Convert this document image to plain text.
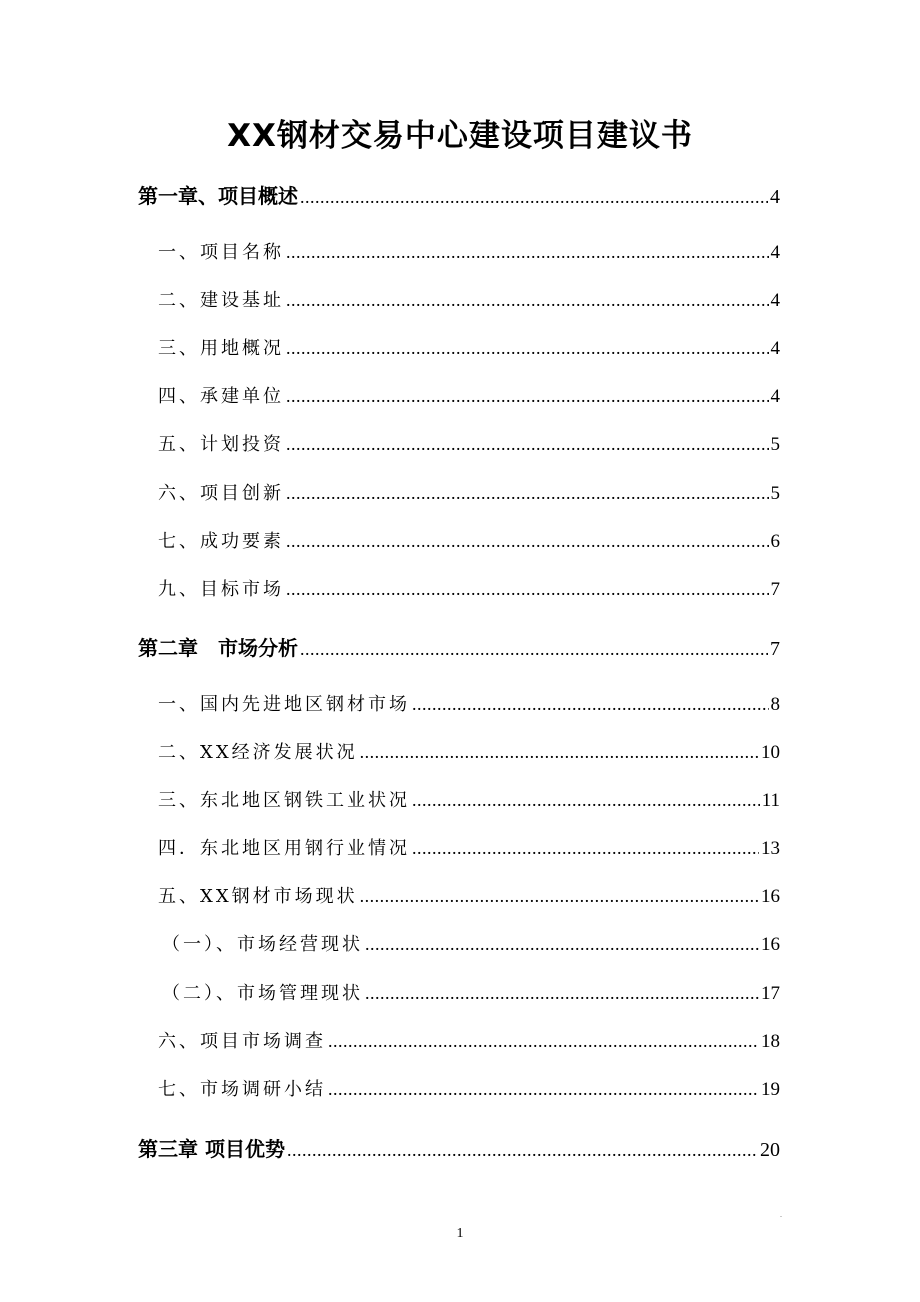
XX钢材交易中心建设项目建议书
第一章、项目概述 .....	4
一、项目名称 .....	4
二、建设基址 .....	4
三、用地概况 .....	4
四、承建单位 .....	4
五、计划投资 .....	5
六、项目创新 .....	5
七、成功要素 .....	6
九、目标市场 .....	7
第二章　市场分析 .....	7
一、国内先进地区钢材市场 .....	8
二、XX经济发展状况 .....	10
三、东北地区钢铁工业状况 .....	11
四．东北地区用钢行业情况 .....	13
五、XX钢材市场现状 .....	16
（一）、市场经营现状 .....	16
（二）、市场管理现状 .....	17
六、项目市场调查 .....	18
七、市场调研小结 .....	19
第三章 项目优势 .....	20
.
1
